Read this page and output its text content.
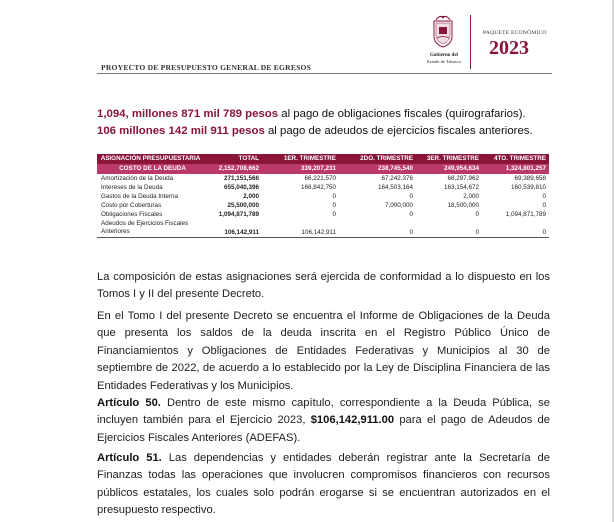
PROYECTO DE PRESUPUESTO GENERAL DE EGRESOS
Gobierno del
Estado de Tabasco
PAQUETE ECONÓMICO
2023
1,094, millones 871 mil 789 pesos al pago de obligaciones fiscales (quirografarios).
106 millones 142 mil 911 pesos al pago de adeudos de ejercicios fiscales anteriores.
ASIGNACIÓN PRESUPUESTARIA	TOTAL	1ER. TRIMESTRE	2DO. TRIMESTRE	3ER. TRIMESTRE	4TO. TRIMESTRE
COSTO DE LA DEUDA	2,152,708,662	339,207,231	238,745,540	249,954,634	1,324,801,257
Amortización de la Deuda	271,151,566	66,221,570	67,242,376	68,297,962	69,389,658
Intereses de la Deuda	655,040,396	166,842,750	164,503,164	163,154,672	160,539,810
Gastos de la Deuda Interna	2,000	0	0	2,000	0
Costo por Coberturas	25,500,000	0	7,000,000	18,500,000	0
Obligaciones Fiscales	1,094,871,789	0	0	0	1,094,871,789
Adeudos de Ejercicios Fiscales Anteriores	106,142,911	106,142,911	0	0	0
La composición de estas asignaciones será ejercida de conformidad a lo dispuesto en los Tomos I y II del presente Decreto.
En el Tomo I del presente Decreto se encuentra el Informe de Obligaciones de la Deuda que presenta los saldos de la deuda inscrita en el Registro Público Único de Financiamientos y Obligaciones de Entidades Federativas y Municipios al 30 de septiembre de 2022, de acuerdo a lo establecido por la Ley de Disciplina Financiera de las Entidades Federativas y los Municipios.
Artículo 50. Dentro de este mismo capítulo, correspondiente a la Deuda Pública, se incluyen también para el Ejercicio 2023, $106,142,911.00 para el pago de Adeudos de Ejercicios Fiscales Anteriores (ADEFAS).
Artículo 51. Las dependencias y entidades deberán registrar ante la Secretaría de Finanzas todas las operaciones que involucren compromisos financieros con recursos públicos estatales, los cuales solo podrán erogarse si se encuentran autorizados en el presupuesto respectivo.
